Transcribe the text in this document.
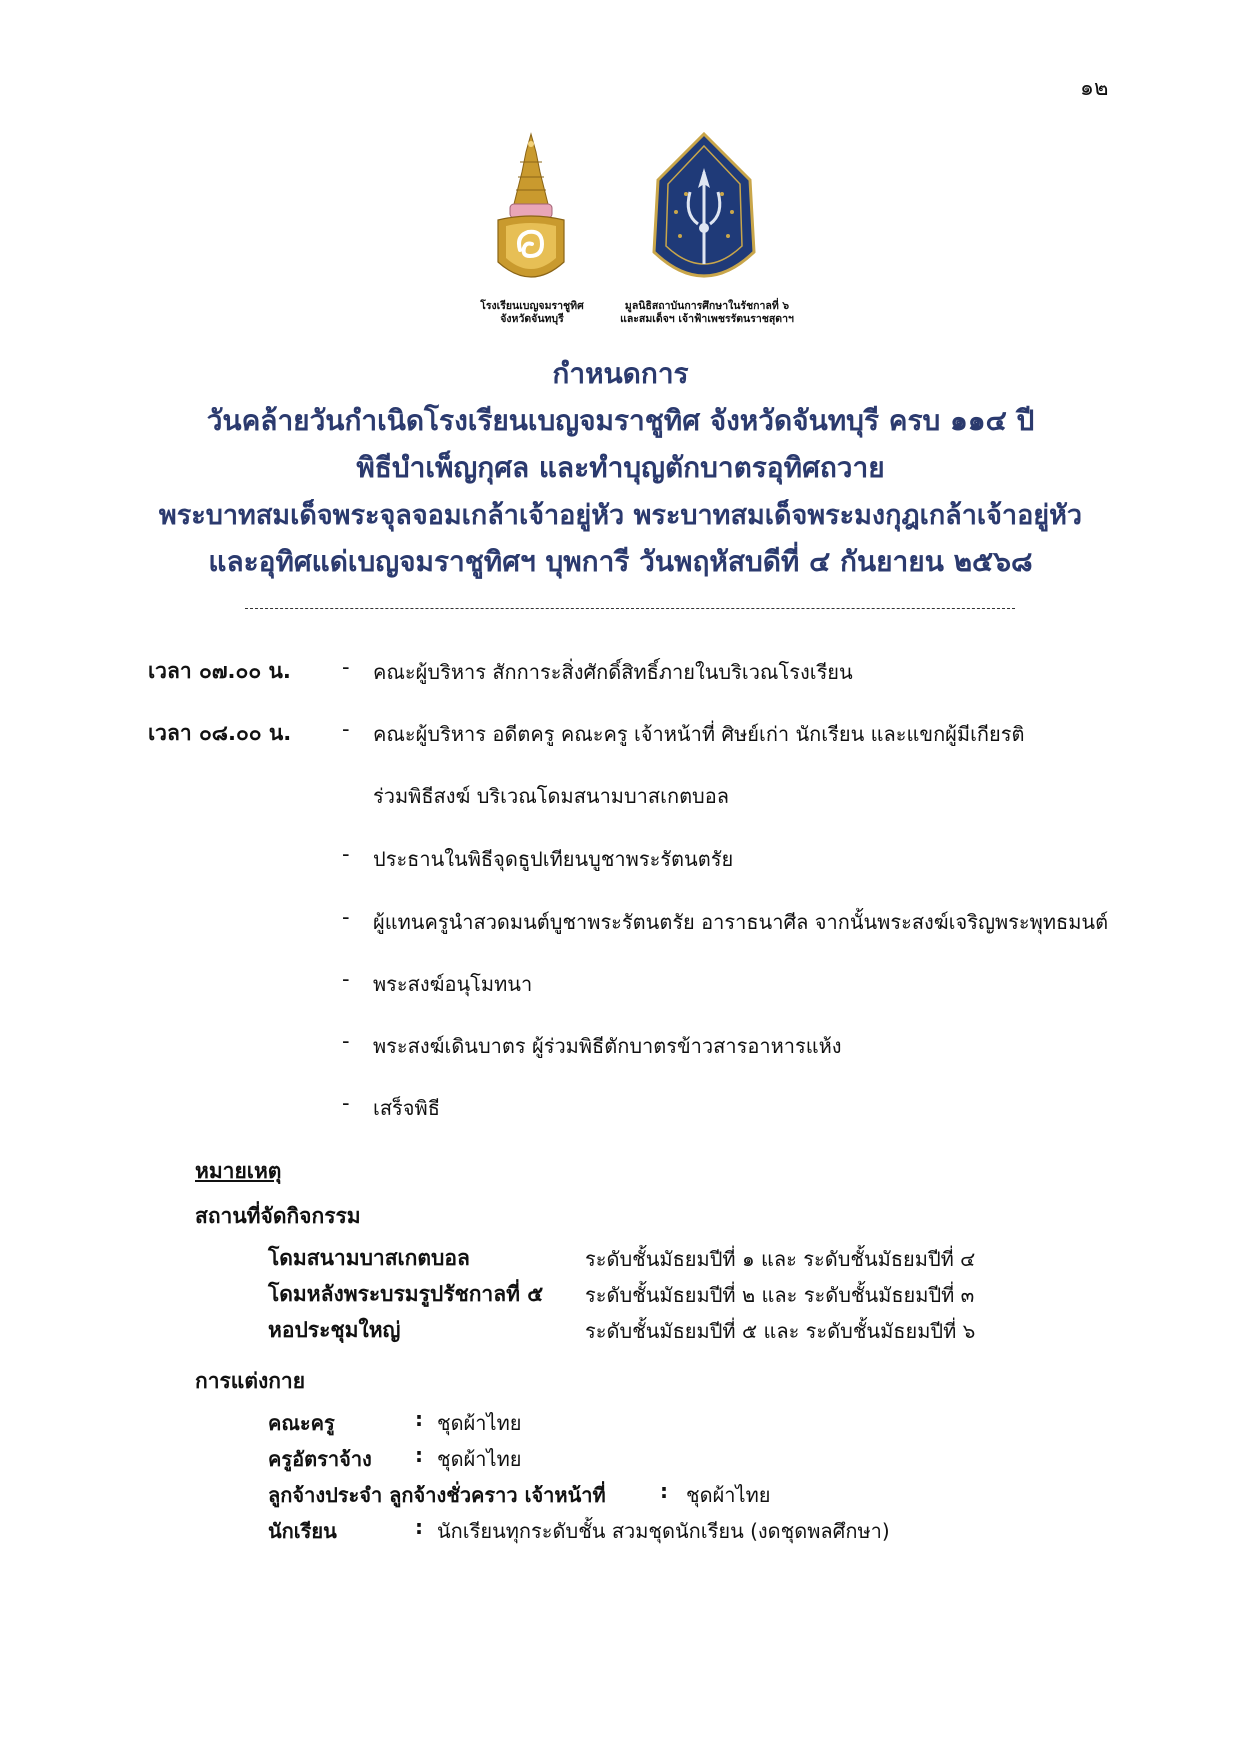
๑๒
โรงเรียนเบญจมราชูทิศ
จังหวัดจันทบุรี
มูลนิธิสถาบันการศึกษาในรัชกาลที่ ๖
และสมเด็จฯ เจ้าฟ้าเพชรรัตนราชสุดาฯ
กำหนดการ
วันคล้ายวันกำเนิดโรงเรียนเบญจมราชูทิศ จังหวัดจันทบุรี ครบ ๑๑๔ ปี
พิธีบำเพ็ญกุศล และทำบุญตักบาตรอุทิศถวาย
พระบาทสมเด็จพระจุลจอมเกล้าเจ้าอยู่หัว พระบาทสมเด็จพระมงกุฎเกล้าเจ้าอยู่หัว
และอุทิศแด่เบญจมราชูทิศฯ บุพการี วันพฤหัสบดีที่ ๔ กันยายน ๒๕๖๘
เวลา ๐๗.๐๐ น. - คณะผู้บริหาร สักการะสิ่งศักดิ์สิทธิ์ภายในบริเวณโรงเรียน
เวลา ๐๘.๐๐ น. - คณะผู้บริหาร อดีตครู คณะครู เจ้าหน้าที่ ศิษย์เก่า นักเรียน และแขกผู้มีเกียรติ
ร่วมพิธีสงฆ์ บริเวณโดมสนามบาสเกตบอล
- ประธานในพิธีจุดธูปเทียนบูชาพระรัตนตรัย
- ผู้แทนครูนำสวดมนต์บูชาพระรัตนตรัย อาราธนาศีล จากนั้นพระสงฆ์เจริญพระพุทธมนต์
- พระสงฆ์อนุโมทนา
- พระสงฆ์เดินบาตร ผู้ร่วมพิธีตักบาตรข้าวสารอาหารแห้ง
- เสร็จพิธี
หมายเหตุ
สถานที่จัดกิจกรรม
โดมสนามบาสเกตบอล	ระดับชั้นมัธยมปีที่ ๑ และ ระดับชั้นมัธยมปีที่ ๔
โดมหลังพระบรมรูปรัชกาลที่ ๕ ระดับชั้นมัธยมปีที่ ๒ และ ระดับชั้นมัธยมปีที่ ๓
หอประชุมใหญ่	ระดับชั้นมัธยมปีที่ ๕ และ ระดับชั้นมัธยมปีที่ ๖
การแต่งกาย
คณะครู	: ชุดผ้าไทย
ครูอัตราจ้าง : ชุดผ้าไทย
ลูกจ้างประจำ ลูกจ้างชั่วคราว เจ้าหน้าที่	: ชุดผ้าไทย
นักเรียน	: นักเรียนทุกระดับชั้น สวมชุดนักเรียน (งดชุดพลศึกษา)
